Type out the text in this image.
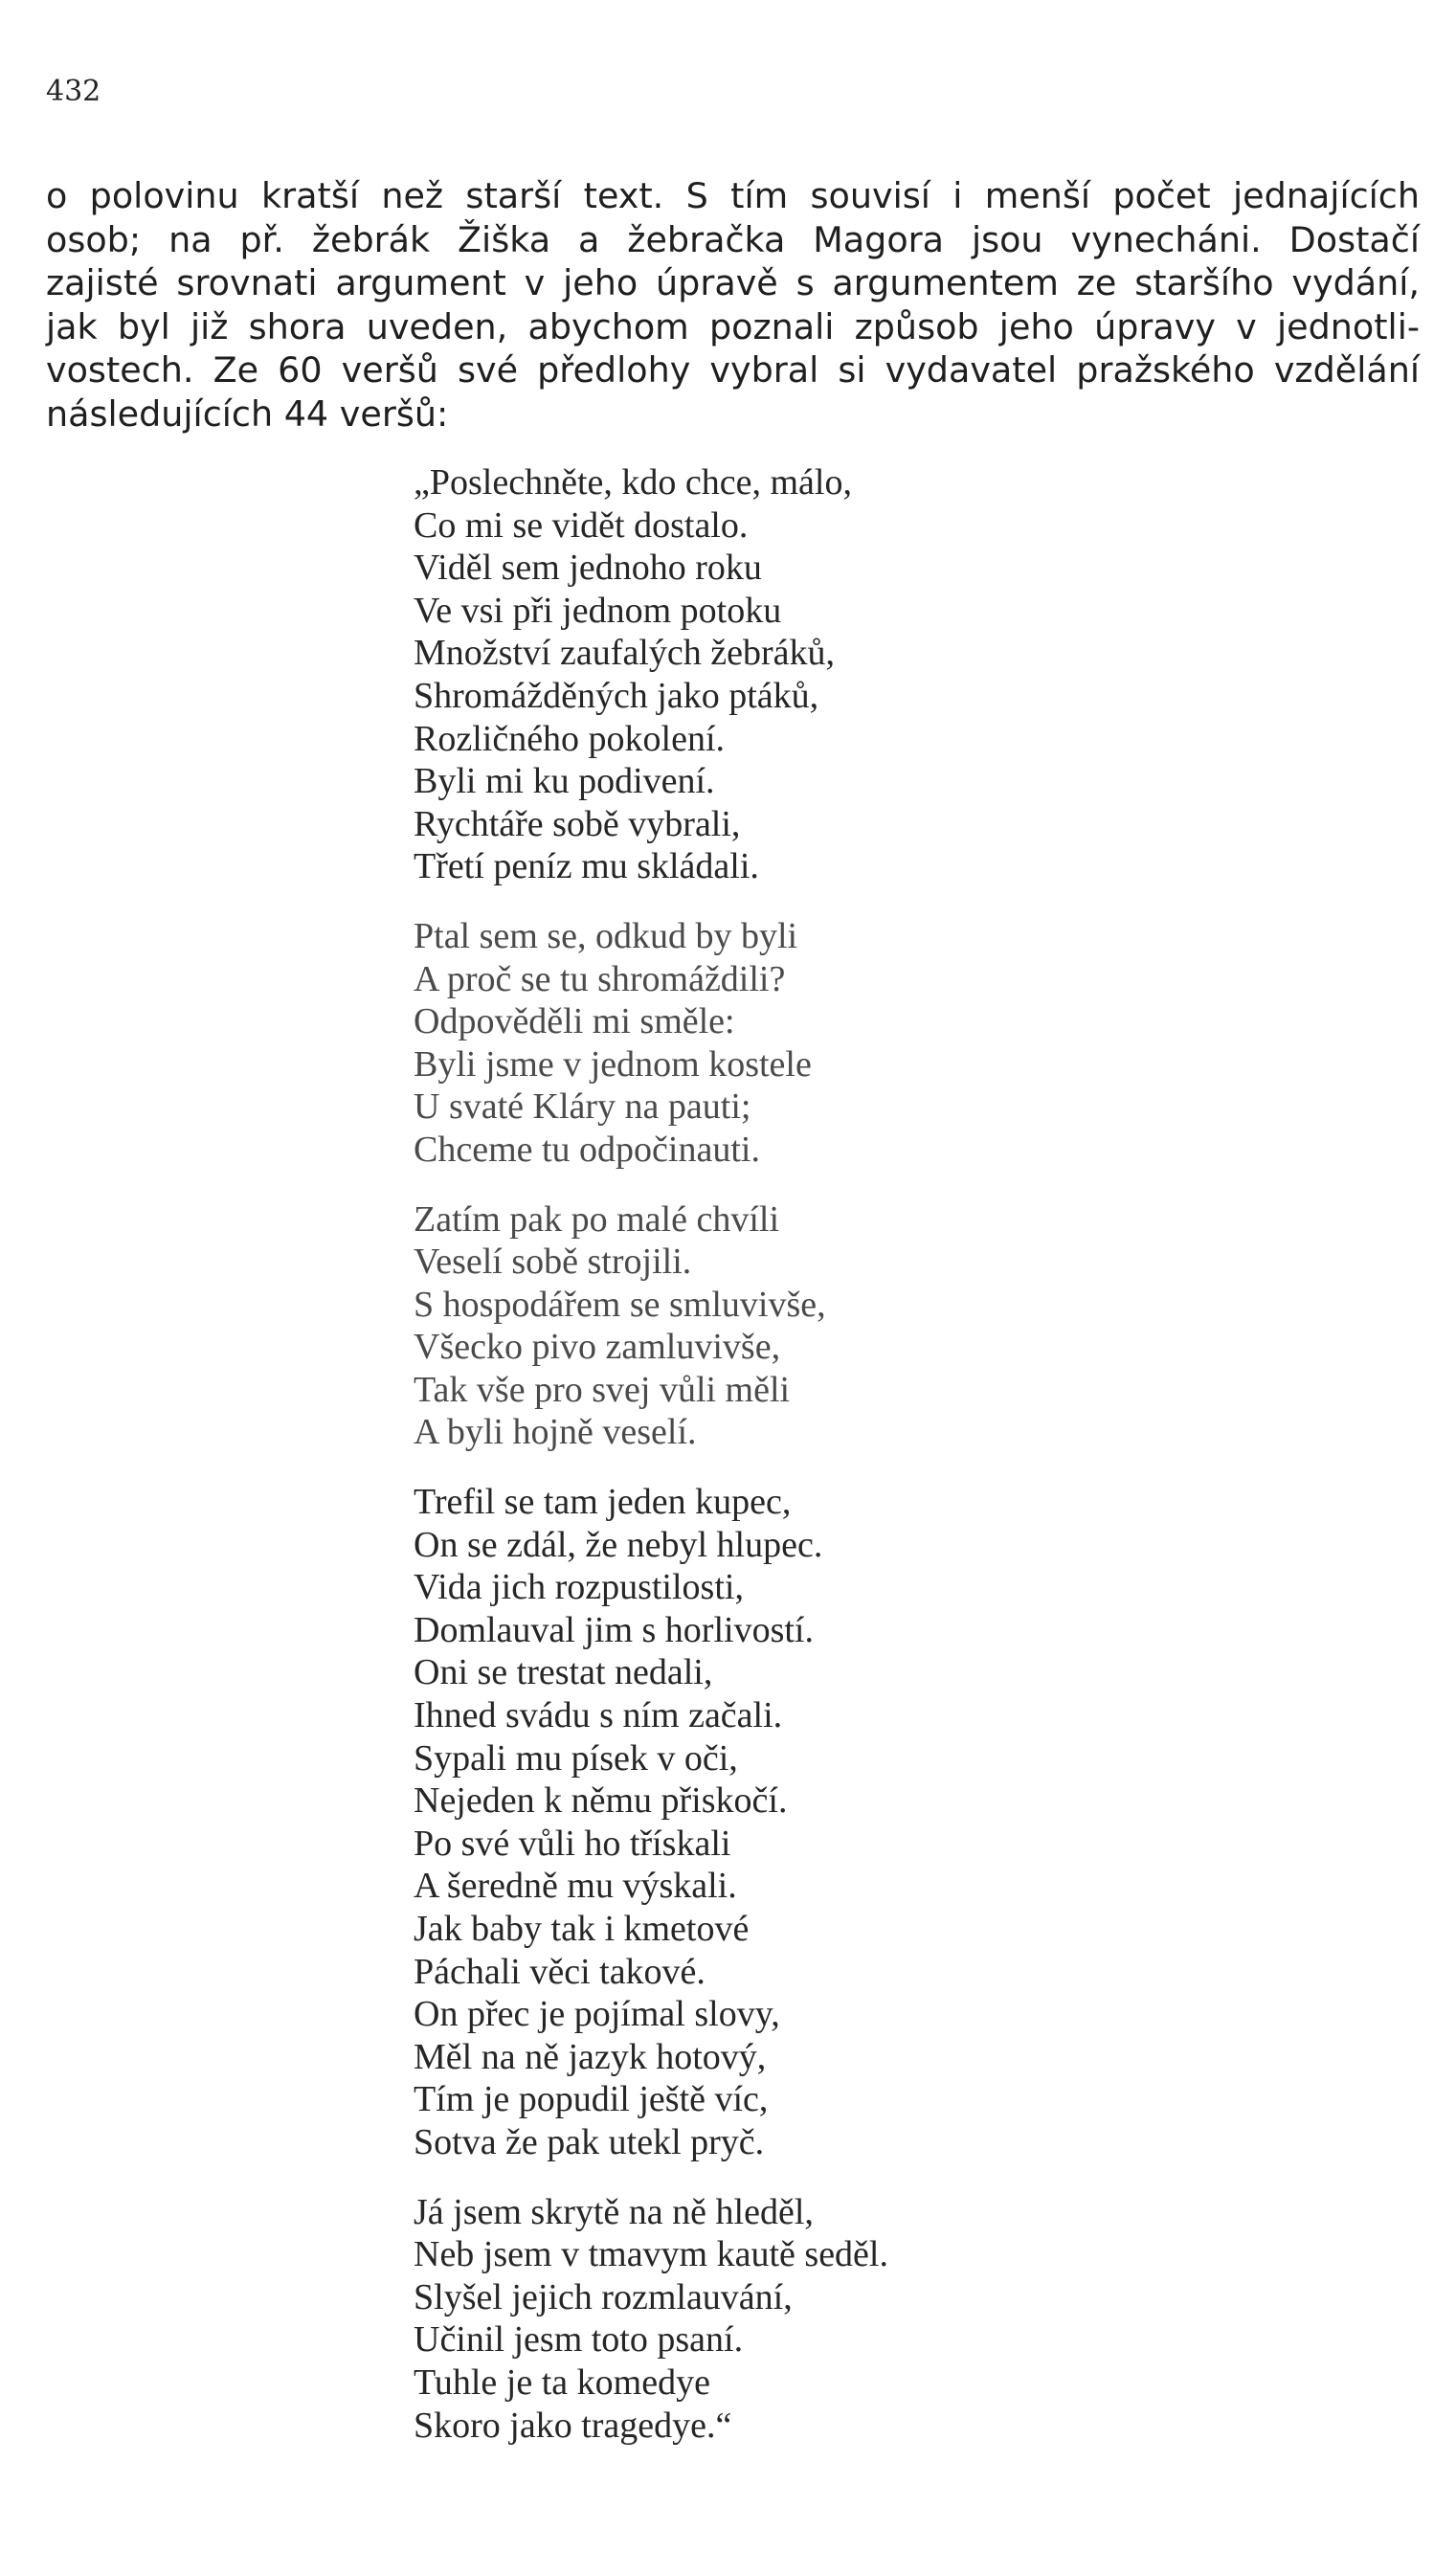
432
o polovinu kratší než starší text. S tím souvisí i menší počet jednajících
osob; na př. žebrák Žiška a žebračka Magora jsou vynecháni. Dostačí
zajisté srovnati argument v jeho úpravě s argumentem ze staršího vydání,
jak byl již shora uveden, abychom poznali způsob jeho úpravy v jednotli-
vostech. Ze 60 veršů své předlohy vybral si vydavatel pražského vzdělání
následujících 44 veršů:
„Poslechněte, kdo chce, málo,
Co mi se vidět dostalo.
Viděl sem jednoho roku
Ve vsi při jednom potoku
Množství zaufalých žebráků,
Shromážděných jako ptáků,
Rozličného pokolení.
Byli mi ku podivení.
Rychtáře sobě vybrali,
Třetí peníz mu skládali.
Ptal sem se, odkud by byli
A proč se tu shromáždili?
Odpověděli mi směle:
Byli jsme v jednom kostele
U svaté Kláry na pauti;
Chceme tu odpočinauti.
Zatím pak po malé chvíli
Veselí sobě strojili.
S hospodářem se smluvivše,
Všecko pivo zamluvivše,
Tak vše pro svej vůli měli
A byli hojně veselí.
Trefil se tam jeden kupec,
On se zdál, že nebyl hlupec.
Vida jich rozpustilosti,
Domlauval jim s horlivostí.
Oni se trestat nedali,
Ihned svádu s ním začali.
Sypali mu písek v oči,
Nejeden k němu přiskočí.
Po své vůli ho třískali
A šeredně mu výskali.
Jak baby tak i kmetové
Páchali věci takové.
On přec je pojímal slovy,
Měl na ně jazyk hotový,
Tím je popudil ještě víc,
Sotva že pak utekl pryč.
Já jsem skrytě na ně hleděl,
Neb jsem v tmavym kautě seděl.
Slyšel jejich rozmlauvání,
Učinil jesm toto psaní.
Tuhle je ta komedye
Skoro jako tragedye.“
